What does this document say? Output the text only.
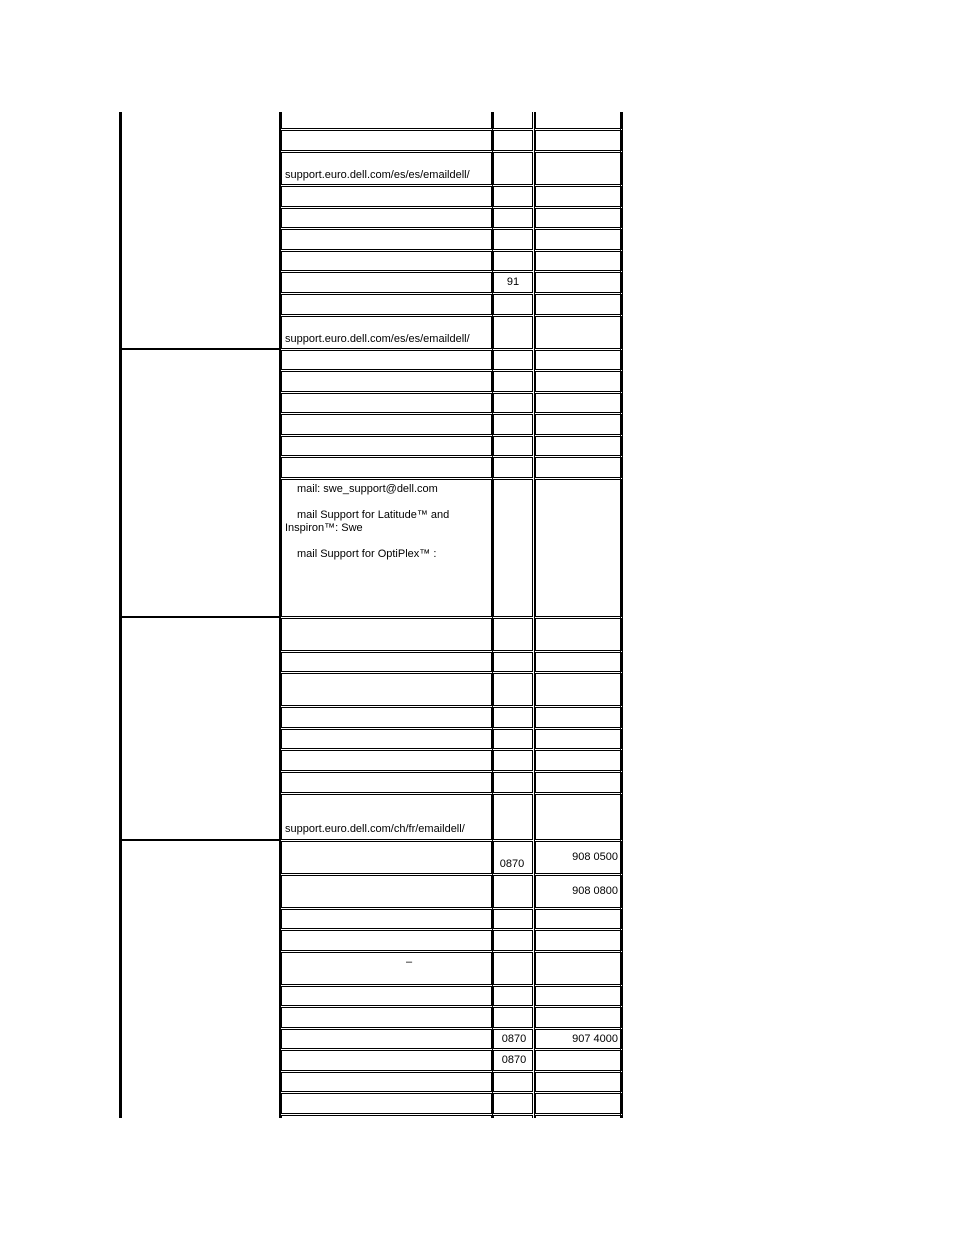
support.euro.dell.com/es/es/emaildell/
91
support.euro.dell.com/es/es/emaildell/
mail: swe_support@dell.com
mail Support for Latitude™ and
Inspiron™: Swe
mail Support for OptiPlex™ :
support.euro.dell.com/ch/fr/emaildell/
0870
908 0500
908 0800
–
0870	907 4000
0870
